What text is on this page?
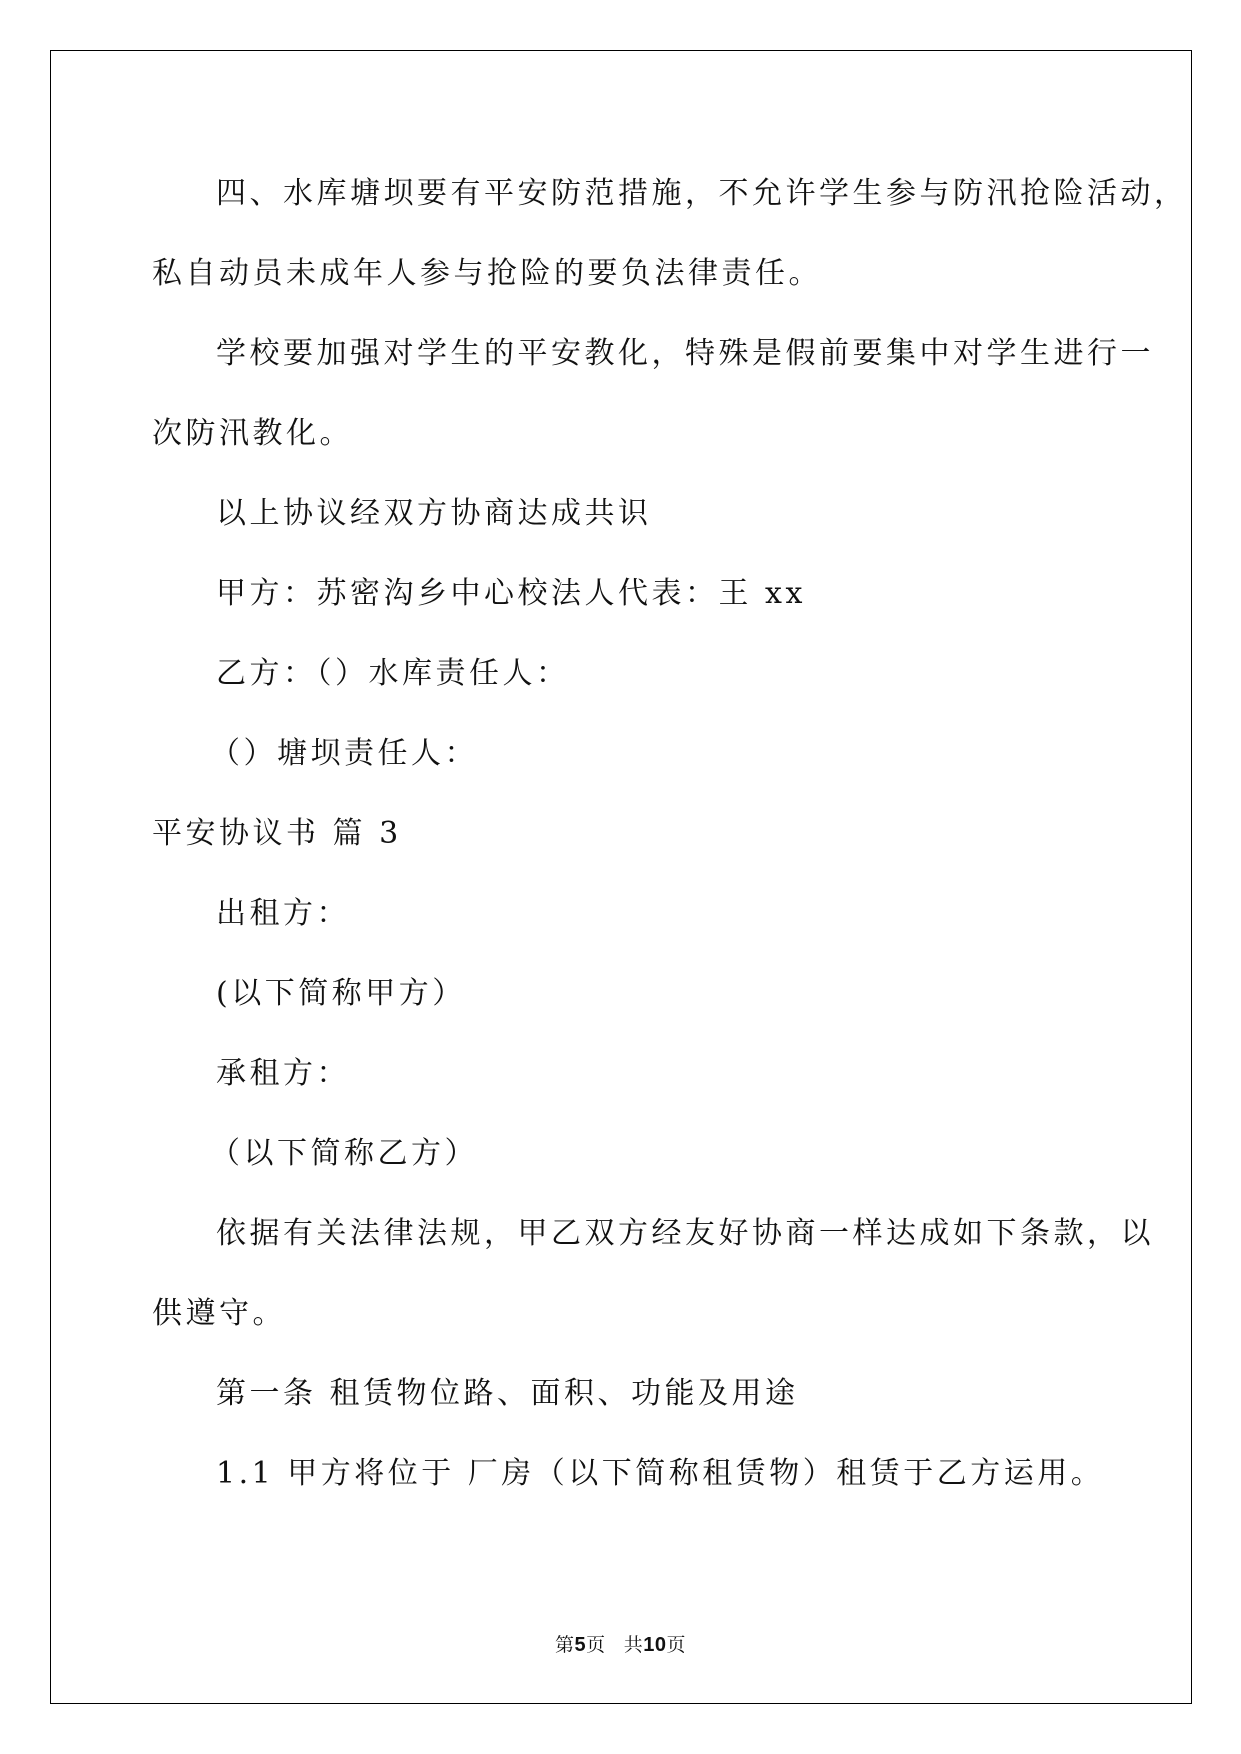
四、水库塘坝要有平安防范措施，不允许学生参与防汛抢险活动，
私自动员未成年人参与抢险的要负法律责任。
学校要加强对学生的平安教化，特殊是假前要集中对学生进行一
次防汛教化。
以上协议经双方协商达成共识
甲方：苏密沟乡中心校法人代表：王 xx
乙方：（）水库责任人：
（）塘坝责任人：
平安协议书 篇 3
出租方：
(以下简称甲方）
承租方：
（以下简称乙方）
依据有关法律法规，甲乙双方经友好协商一样达成如下条款，以
供遵守。
第一条 租赁物位路、面积、功能及用途
1.1 甲方将位于 厂房（以下简称租赁物）租赁于乙方运用。
第5页 共10页
